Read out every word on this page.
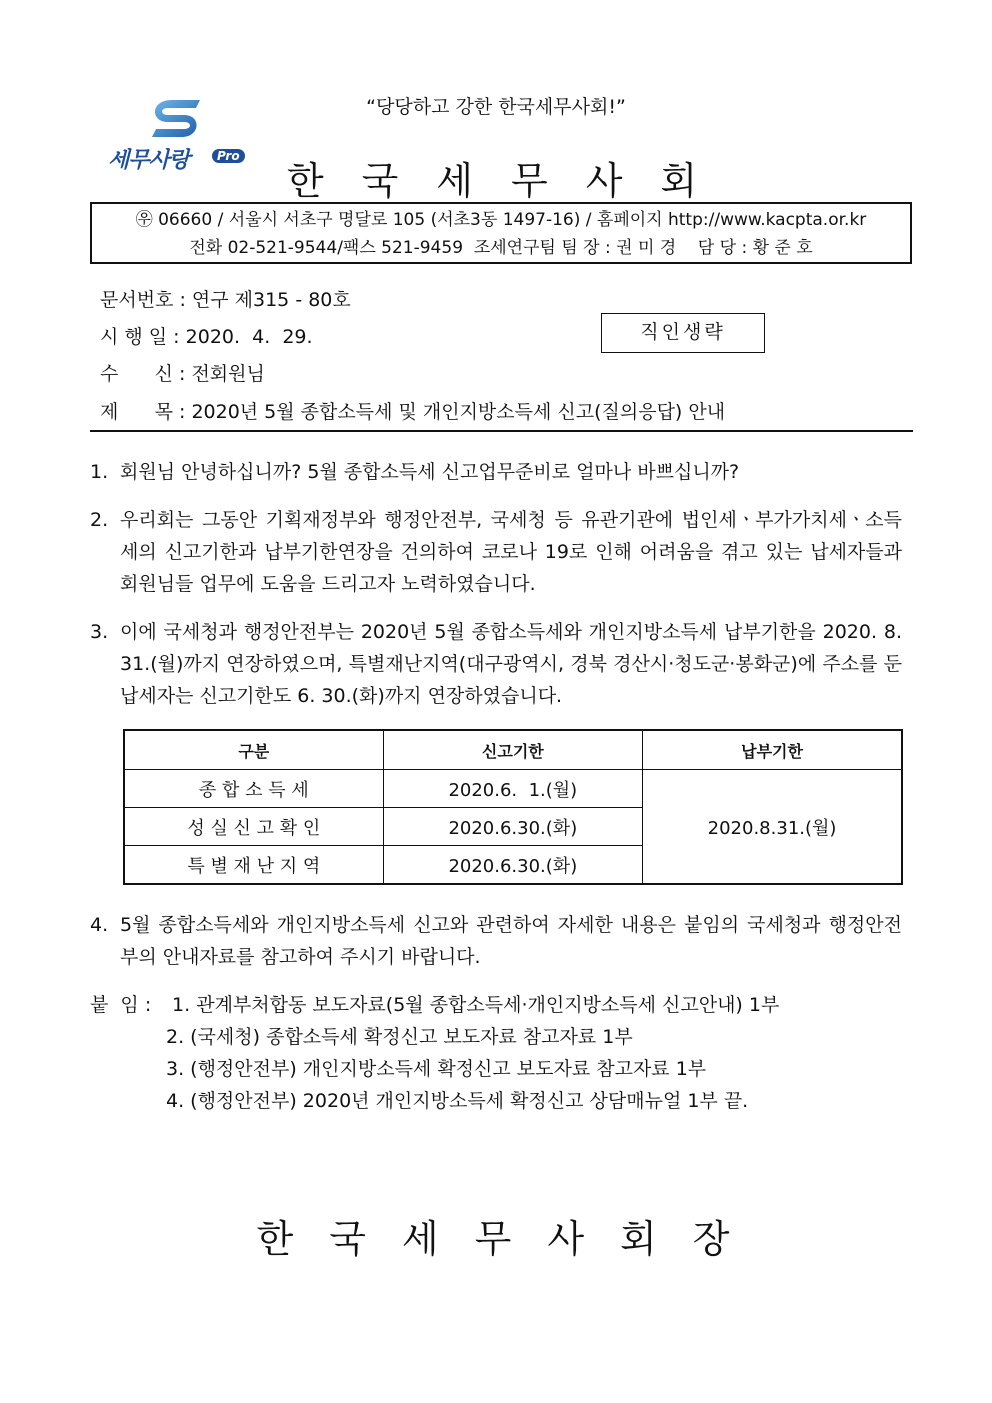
“당당하고 강한 한국세무사회!”
세무사랑	Pro
한국세무사회
㉾ 06660 / 서울시 서초구 명달로 105 (서초3동 1497-16) / 홈페이지 http://www.kacpta.or.kr
전화 02-521-9544/팩스 521-9459  조세연구팀 팀 장 : 권 미 경    담 당 : 황 준 호
문서번호 : 연구 제315 - 80호
시 행 일 : 2020.  4.  29.	직인생략
수      신 : 전회원님
제      목 : 2020년 5월 종합소득세 및 개인지방소득세 신고(질의응답) 안내
1. 회원님 안녕하십니까? 5월 종합소득세 신고업무준비로 얼마나 바쁘십니까?
2. 우리회는 그동안 기획재정부와 행정안전부, 국세청 등 유관기관에 법인세ㆍ부가가치세ㆍ소득세의 신고기한과 납부기한연장을 건의하여 코로나 19로 인해 어려움을 겪고 있는 납세자들과 회원님들 업무에 도움을 드리고자 노력하였습니다.
3. 이에 국세청과 행정안전부는 2020년 5월 종합소득세와 개인지방소득세 납부기한을 2020. 8. 31.(월)까지 연장하였으며, 특별재난지역(대구광역시, 경북 경산시·청도군·봉화군)에 주소를 둔 납세자는 신고기한도 6. 30.(화)까지 연장하였습니다.
구분	신고기한	납부기한
종 합 소 득 세	2020.6.  1.(월)	2020.8.31.(월)
성 실 신 고 확 인	2020.6.30.(화)	
특 별 재 난 지 역	2020.6.30.(화)	
4. 5월 종합소득세와 개인지방소득세 신고와 관련하여 자세한 내용은 붙임의 국세청과 행정안전부의 안내자료를 참고하여 주시기 바랍니다.
붙  임 : 1. 관계부처합동 보도자료(5월 종합소득세·개인지방소득세 신고안내) 1부
2. (국세청) 종합소득세 확정신고 보도자료 참고자료 1부
3. (행정안전부) 개인지방소득세 확정신고 보도자료 참고자료 1부
4. (행정안전부) 2020년 개인지방소득세 확정신고 상담매뉴얼 1부 끝.
한국세무사회장
